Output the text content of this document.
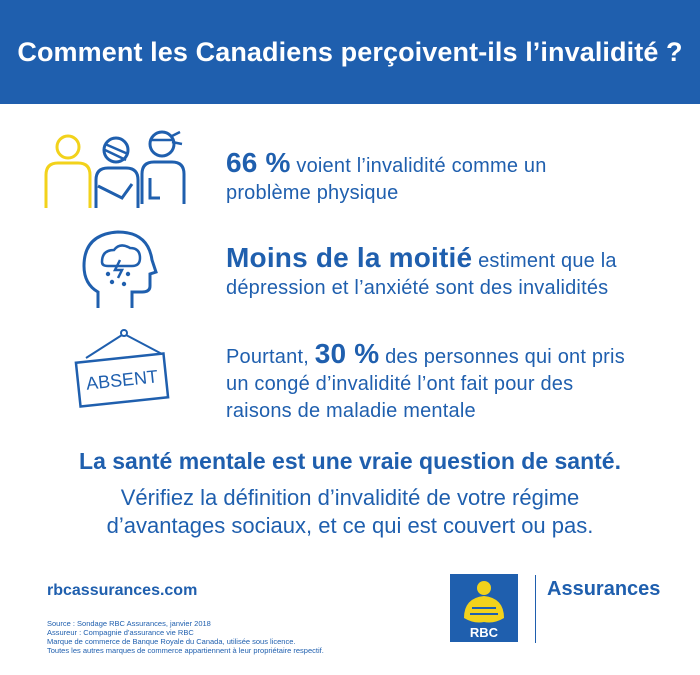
Comment les Canadiens perçoivent-ils l’invalidité ?
66 % voient l’invalidité comme un
problème physique
Moins de la moitié estiment que la
dépression et l’anxiété sont des invalidités
ABSENT
Pourtant, 30 % des personnes qui ont pris
un congé d’invalidité l’ont fait pour des
raisons de maladie mentale
La santé mentale est une vraie question de santé.
Vérifiez la définition d’invalidité de votre régime
d’avantages sociaux, et ce qui est couvert ou pas.
rbcassurances.com
Source : Sondage RBC Assurances, janvier 2018
Assureur : Compagnie d’assurance vie RBC
Marque de commerce de Banque Royale du Canada, utilisée sous licence.
Toutes les autres marques de commerce appartiennent à leur propriétaire respectif.
RBC
Assurances
